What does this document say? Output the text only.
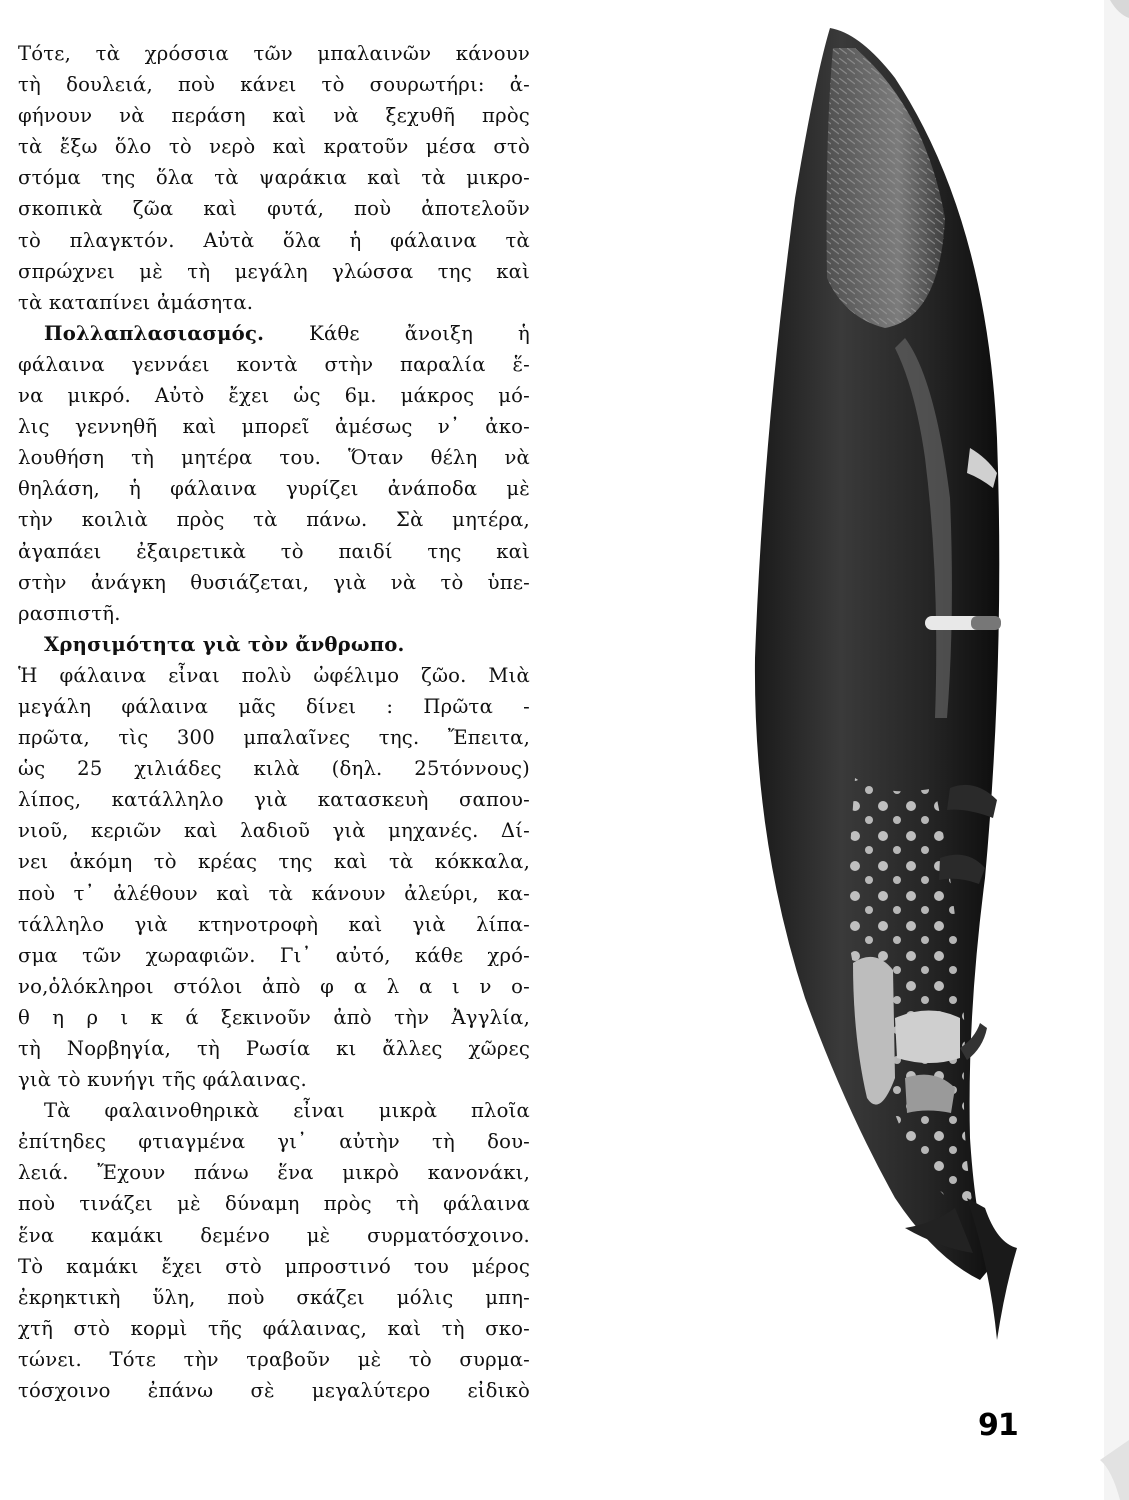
Τότε, τὰ χρόσσια τῶν μπαλαινῶν κάνουν
τὴ δουλειά, ποὺ κάνει τὸ σουρωτήρι: ἀ-
φήνουν νὰ περάση καὶ νὰ ξεχυθῆ πρὸς
τὰ ἔξω ὅλο τὸ νερὸ καὶ κρατοῦν μέσα στὸ
στόμα της ὅλα τὰ ψαράκια καὶ τὰ μικρο-
σκοπικὰ ζῶα καὶ φυτά, ποὺ ἀποτελοῦν
τὸ πλαγκτόν. Αὐτὰ ὅλα ἡ φάλαινα τὰ
σπρώχνει μὲ τὴ μεγάλη γλώσσα της καὶ
τὰ καταπίνει ἀμάσητα.
Πολλαπλασιασμός. Κάθε ἄνοιξη ἡ
φάλαινα γεννάει κοντὰ στὴν παραλία ἕ-
να μικρό. Αὐτὸ ἔχει ὡς 6μ. μάκρος μό-
λις γεννηθῆ καὶ μπορεῖ ἀμέσως ν᾽ ἀκο-
λουθήση τὴ μητέρα του. Ὅταν θέλη νὰ
θηλάση, ἡ φάλαινα γυρίζει ἀνάποδα μὲ
τὴν κοιλιὰ πρὸς τὰ πάνω. Σὰ μητέρα,
ἀγαπάει ἐξαιρετικὰ τὸ παιδί της καὶ
στὴν ἀνάγκη θυσιάζεται, γιὰ νὰ τὸ ὑπε-
ρασπιστῆ.
Χρησιμότητα γιὰ τὸν ἄνθρωπο.
Ἡ φάλαινα εἶναι πολὺ ὠφέλιμο ζῶο. Μιὰ
μεγάλη φάλαινα μᾶς δίνει : Πρῶτα -
πρῶτα, τὶς 300 μπαλαῖνες της. Ἔπειτα,
ὡς 25 χιλιάδες κιλὰ (δηλ. 25τόννους)
λίπος, κατάλληλο γιὰ κατασκευὴ σαπου-
νιοῦ, κεριῶν καὶ λαδιοῦ γιὰ μηχανές. Δί-
νει ἀκόμη τὸ κρέας της καὶ τὰ κόκκαλα,
ποὺ τ᾽ ἀλέθουν καὶ τὰ κάνουν ἀλεύρι, κα-
τάλληλο γιὰ κτηνοτροφὴ καὶ γιὰ λίπα-
σμα τῶν χωραφιῶν. Γι᾽ αὐτό, κάθε χρό-
νο,ὁλόκληροι στόλοι ἀπὸ φ α λ α ι ν ο-
θ η ρ ι κ ά ξεκινοῦν ἀπὸ τὴν Ἀγγλία,
τὴ Νορβηγία, τὴ Ρωσία κι ἄλλες χῶρες
γιὰ τὸ κυνήγι τῆς φάλαινας.
Τὰ φαλαινοθηρικὰ εἶναι μικρὰ πλοῖα
ἐπίτηδες φτιαγμένα γι᾽ αὐτὴν τὴ δου-
λειά. Ἔχουν πάνω ἕνα μικρὸ κανονάκι,
ποὺ τινάζει μὲ δύναμη πρὸς τὴ φάλαινα
ἕνα καμάκι δεμένο μὲ συρματόσχοινο.
Τὸ καμάκι ἔχει στὸ μπροστινό του μέρος
ἐκρηκτικὴ ὕλη, ποὺ σκάζει μόλις μπη-
χτῆ στὸ κορμὶ τῆς φάλαινας, καὶ τὴ σκο-
τώνει. Τότε τὴν τραβοῦν μὲ τὸ συρμα-
τόσχοινο ἐπάνω σὲ μεγαλύτερο εἰδικὸ
91
